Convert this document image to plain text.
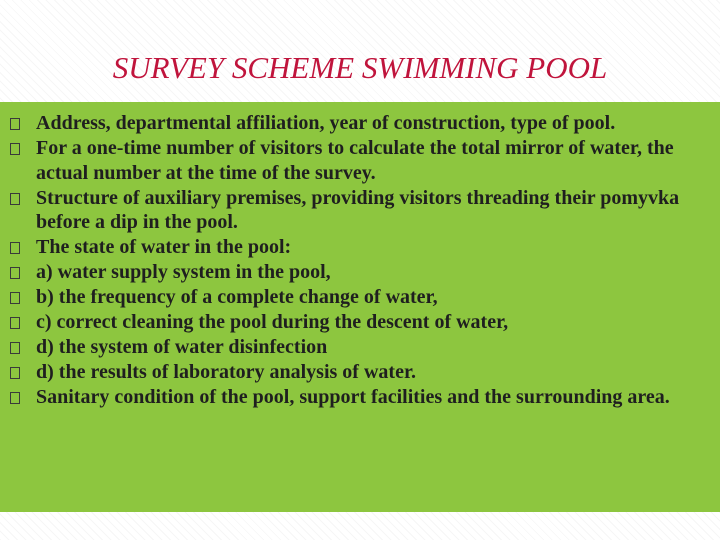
SURVEY SCHEME SWIMMING POOL
Address, departmental affiliation, year of construction, type of pool.
For a one-time number of visitors to calculate the total mirror of water, the actual number at the time of the survey.
Structure of auxiliary premises, providing visitors threading their pomyvka before a dip in the pool.
The state of water in the pool:
a) water supply system in the pool,
b) the frequency of a complete change of water,
c) correct cleaning the pool during the descent of water,
d) the system of water disinfection
d) the results of laboratory analysis of water.
Sanitary condition of the pool, support facilities and the surrounding area.
